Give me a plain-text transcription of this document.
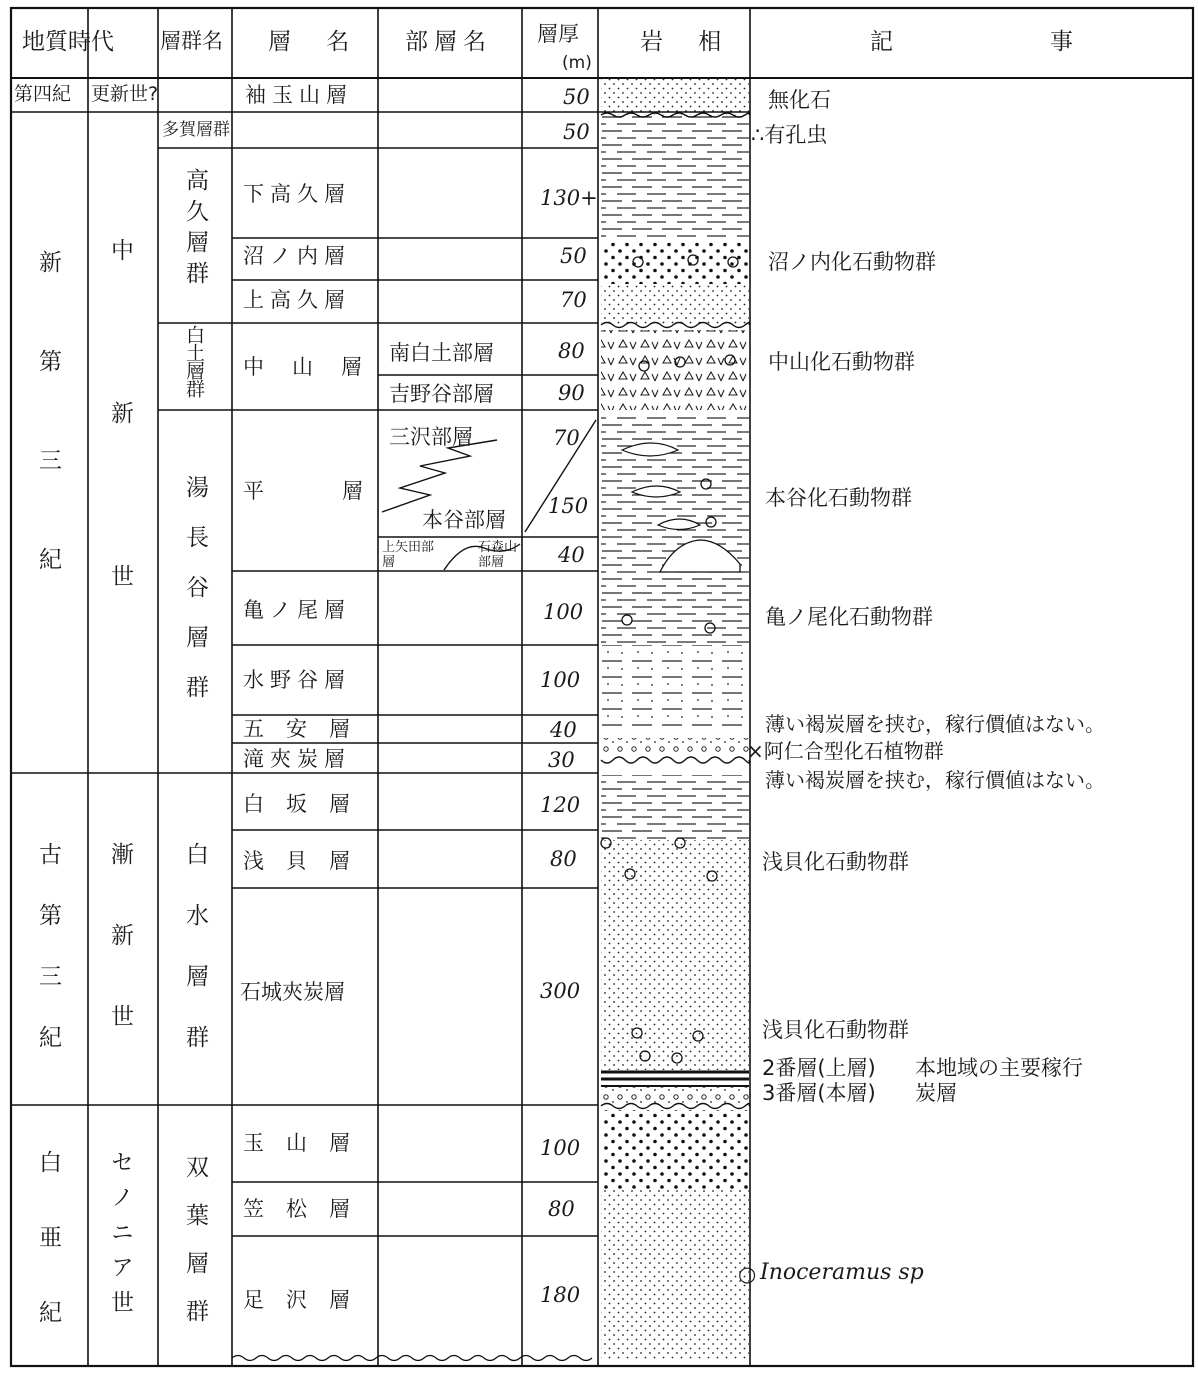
地質時代 層群名 層 名 部層名 層厚
(m)
岩 相	記	事
第四紀 更新世?
新第三紀 中新世
古第三紀 漸新世
白亜紀 セノニア世
多賀層群
高久層群
白土層群
湯長谷層群
白水層群
双葉層群
袖玉山層
下高久層
沼ノ内層
上高久層
中山層
平層
亀ノ尾層
水野谷層
五安層
滝夾炭層
白坂層
浅貝層
石城夾炭層
玉山層
笠松層
足沢層
南白土部層
吉野谷部層
三沢部層
本谷部層
上矢田部層
石森山部層
50
50
130+
50
70
80
90
70
150
40
100
100
40
30
120
80
300
100
80
180
無化石
∴有孔虫
沼ノ内化石動物群
中山化石動物群
本谷化石動物群
亀ノ尾化石動物群
薄い褐炭層を挟む，稼行價値はない。
×阿仁合型化石植物群
薄い褐炭層を挟む，稼行價値はない。
浅貝化石動物群
浅貝化石動物群
2番層(上層)
3番層(本層)
本地域の主要稼行
炭層
○ Inoceramus sp
